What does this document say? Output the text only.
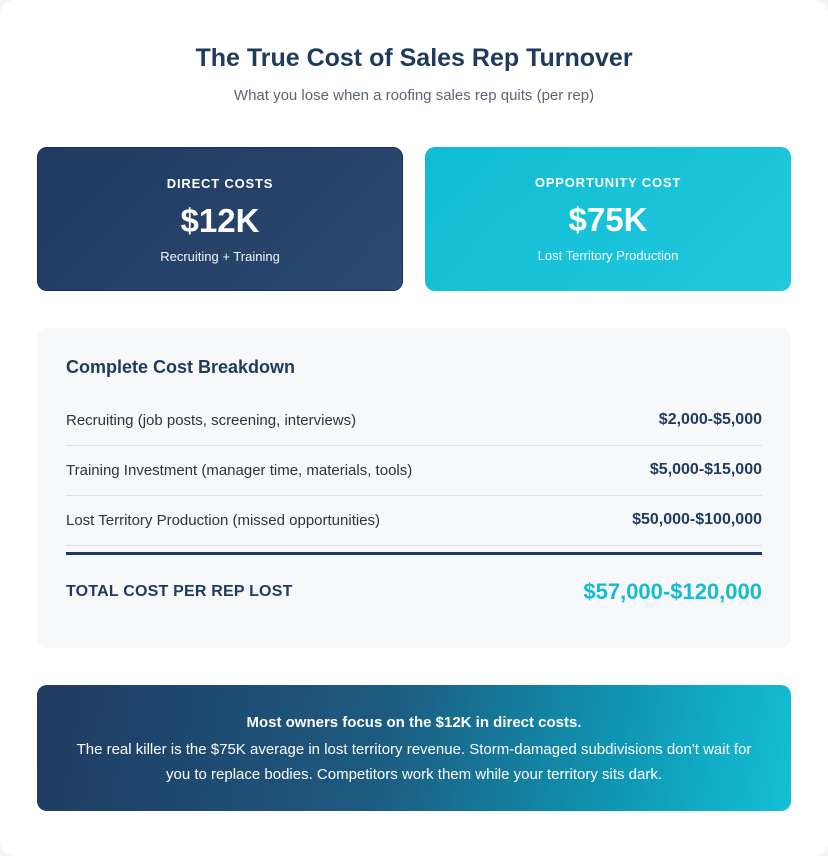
The True Cost of Sales Rep Turnover
What you lose when a roofing sales rep quits (per rep)
DIRECT COSTS
$12K
Recruiting + Training
OPPORTUNITY COST
$75K
Lost Territory Production
Complete Cost Breakdown
Recruiting (job posts, screening, interviews)	$2,000-$5,000
Training Investment (manager time, materials, tools)	$5,000-$15,000
Lost Territory Production (missed opportunities)	$50,000-$100,000
TOTAL COST PER REP LOST	$57,000-$120,000
Most owners focus on the $12K in direct costs.
The real killer is the $75K average in lost territory revenue. Storm-damaged subdivisions don't wait for you to replace bodies. Competitors work them while your territory sits dark.
